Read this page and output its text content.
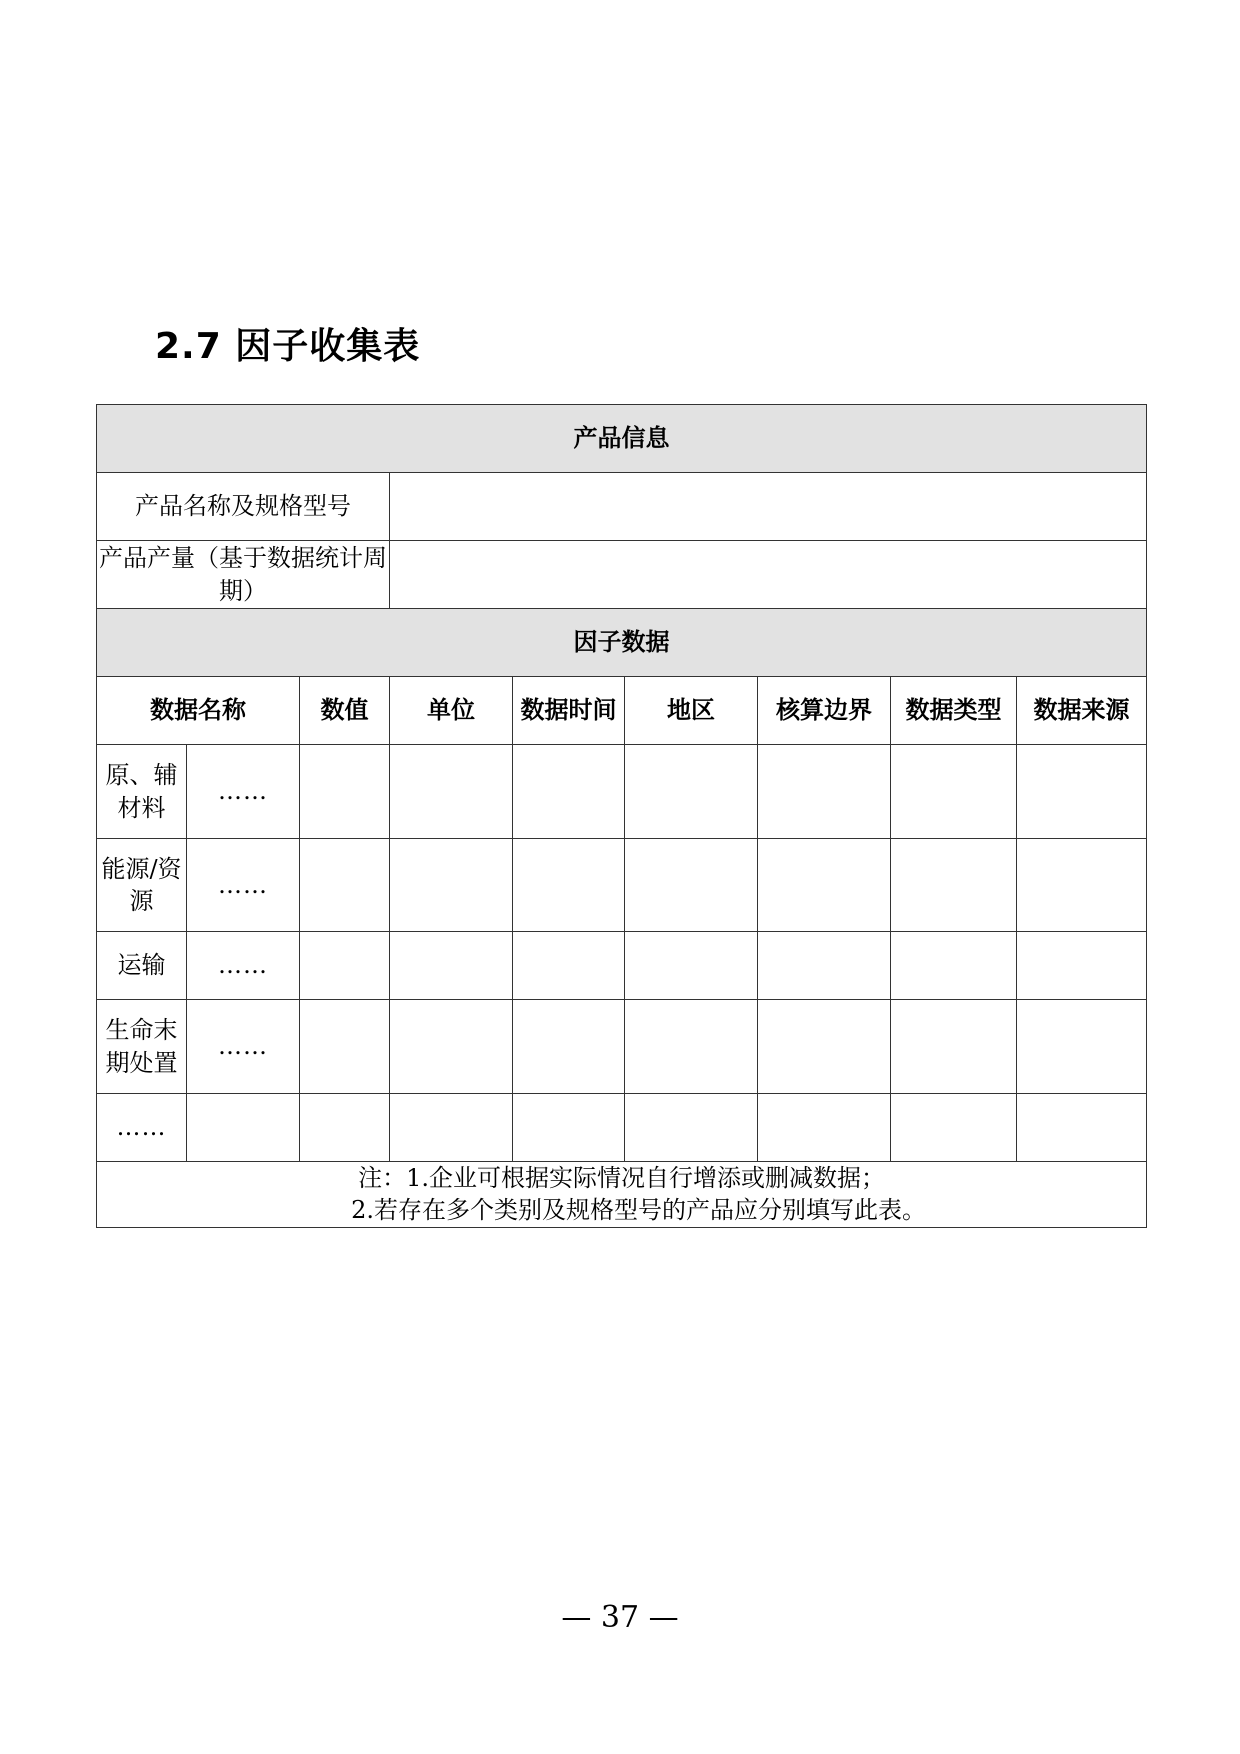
2.7 因子收集表
产品信息								
产品名称及规格型号								
产品产量（基于数据统计周期）								
因子数据								
数据名称		数值	单位	数据时间	地区	核算边界	数据类型	数据来源
原、辅材料	……							
能源/资源	……							
运输	……							
生命末期处置	……							
……								

注：1.企业可根据实际情况自行增添或删减数据；
2.若存在多个类别及规格型号的产品应分别填写此表。								
— 37 —
